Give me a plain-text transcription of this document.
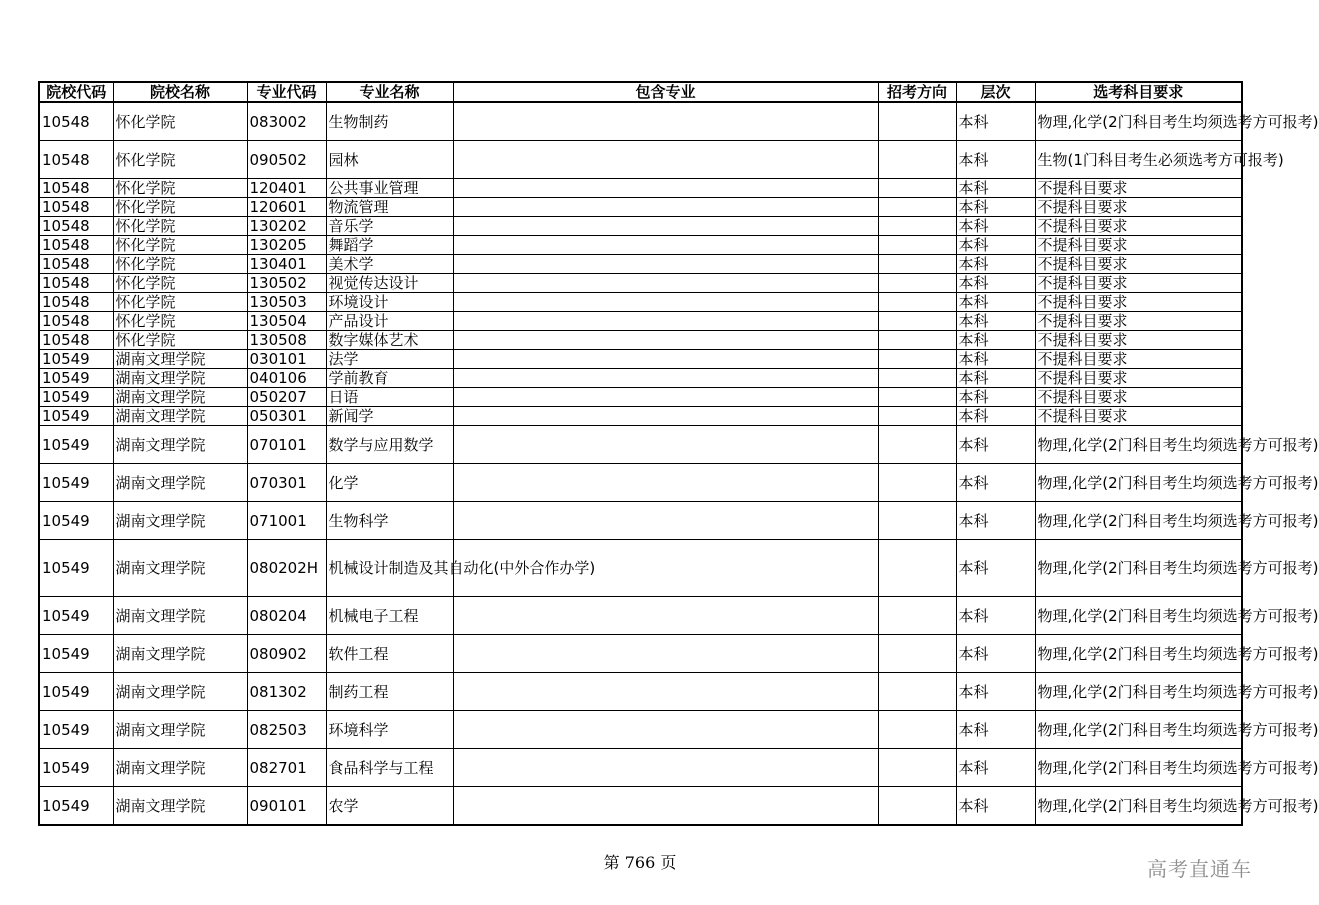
院校代码	院校名称	专业代码	专业名称	包含专业	招考方向	层次	选考科目要求
10548	怀化学院	083002	生物制药			本科	物理,化学(2门科目考生均须选考方可报考)
10548	怀化学院	090502	园林			本科	生物(1门科目考生必须选考方可报考)
10548	怀化学院	120401	公共事业管理			本科	不提科目要求
10548	怀化学院	120601	物流管理			本科	不提科目要求
10548	怀化学院	130202	音乐学			本科	不提科目要求
10548	怀化学院	130205	舞蹈学			本科	不提科目要求
10548	怀化学院	130401	美术学			本科	不提科目要求
10548	怀化学院	130502	视觉传达设计			本科	不提科目要求
10548	怀化学院	130503	环境设计			本科	不提科目要求
10548	怀化学院	130504	产品设计			本科	不提科目要求
10548	怀化学院	130508	数字媒体艺术			本科	不提科目要求
10549	湖南文理学院	030101	法学			本科	不提科目要求
10549	湖南文理学院	040106	学前教育			本科	不提科目要求
10549	湖南文理学院	050207	日语			本科	不提科目要求
10549	湖南文理学院	050301	新闻学			本科	不提科目要求
10549	湖南文理学院	070101	数学与应用数学			本科	物理,化学(2门科目考生均须选考方可报考)
10549	湖南文理学院	070301	化学			本科	物理,化学(2门科目考生均须选考方可报考)
10549	湖南文理学院	071001	生物科学			本科	物理,化学(2门科目考生均须选考方可报考)
10549	湖南文理学院	080202H	机械设计制造及其自动化(中外合作办学)			本科	物理,化学(2门科目考生均须选考方可报考)
10549	湖南文理学院	080204	机械电子工程			本科	物理,化学(2门科目考生均须选考方可报考)
10549	湖南文理学院	080902	软件工程			本科	物理,化学(2门科目考生均须选考方可报考)
10549	湖南文理学院	081302	制药工程			本科	物理,化学(2门科目考生均须选考方可报考)
10549	湖南文理学院	082503	环境科学			本科	物理,化学(2门科目考生均须选考方可报考)
10549	湖南文理学院	082701	食品科学与工程			本科	物理,化学(2门科目考生均须选考方可报考)
10549	湖南文理学院	090101	农学			本科	物理,化学(2门科目考生均须选考方可报考)
第 766 页	高考直通车
